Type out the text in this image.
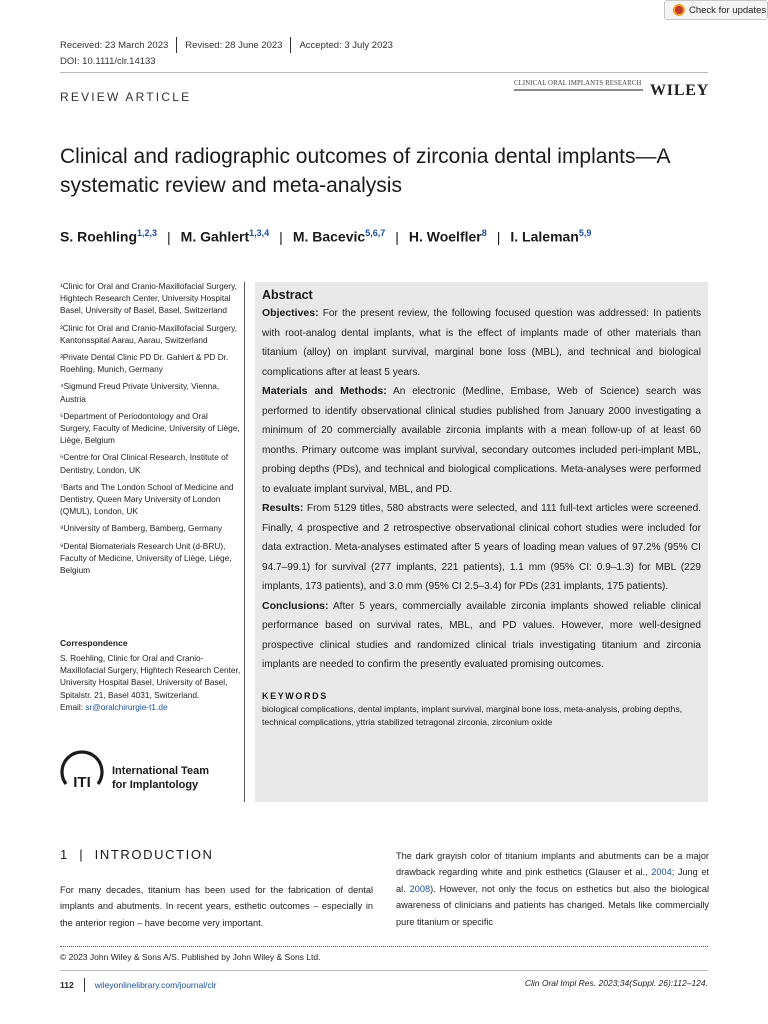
Check for updates
Received: 23 March 2023 Revised: 28 June 2023 Accepted: 3 July 2023
DOI: 10.1111/clr.14133
REVIEW ARTICLE
CLINICAL ORAL IMPLANTS RESEARCH WILEY
Clinical and radiographic outcomes of zirconia dental implants—A systematic review and meta-analysis
S. Roehling$^{1,2,3}$ | M. Gahlert$^{1,3,4}$ | M. Bacevic$^{5,6,7}$ | H. Woelfler$^8$ | I. Laleman$^{5,9}$

¹Clinic for Oral and Cranio-Maxillofacial Surgery, Hightech Research Center, University Hospital Basel, University of Basel, Basel, Switzerland

²Clinic for Oral and Cranio-Maxillofacial Surgery, Kantonsspital Aarau, Aarau, Switzerland

³Private Dental Clinic PD Dr. Gahlert & PD Dr. Roehling, Munich, Germany

⁴Sigmund Freud Private University, Vienna, Austria

⁵Department of Periodontology and Oral Surgery, Faculty of Medicine, University of Liège, Liège, Belgium

⁶Centre for Oral Clinical Research, Institute of Dentistry, London, UK

⁷Barts and The London School of Medicine and Dentistry, Queen Mary University of London (QMUL), London, UK

⁸University of Bamberg, Bamberg, Germany

⁹Dental Biomaterials Research Unit (d-BRU), Faculty of Medicine, University of Liège, Liège, Belgium

Correspondence
S. Roehling, Clinic for Oral and Cranio-Maxillofacial Surgery, Hightech Research Center, University Hospital Basel, University of Basel, Spitalstr. 21, Basel 4031, Switzerland.
Email: sr@oralchirurgie-t1.de
ITI
International Team
for Implantology
Abstract

Objectives: For the present review, the following focused question was addressed: In patients with root-analog dental implants, what is the effect of implants made of other materials than titanium (alloy) on implant survival, marginal bone loss (MBL), and technical and biological complications after at least 5 years.

Materials and Methods: An electronic (Medline, Embase, Web of Science) search was performed to identify observational clinical studies published from January 2000 investigating a minimum of 20 commercially available zirconia implants with a mean follow-up of at least 60 months. Primary outcome was implant survival, secondary outcomes included peri-implant MBL, probing depths (PDs), and technical and biological complications. Meta-analyses were performed to evaluate implant survival, MBL, and PD.

Results: From 5129 titles, 580 abstracts were selected, and 111 full-text articles were screened. Finally, 4 prospective and 2 retrospective observational clinical cohort studies were included for data extraction. Meta-analyses estimated after 5 years of loading mean values of 97.2% (95% CI 94.7–99.1) for survival (277 implants, 221 patients), 1.1 mm (95% CI: 0.9–1.3) for MBL (229 implants, 173 patients), and 3.0 mm (95% CI 2.5–3.4) for PDs (231 implants, 175 patients).

Conclusions: After 5 years, commercially available zirconia implants showed reliable clinical performance based on survival rates, MBL, and PD values. However, more well-designed prospective clinical studies and randomized clinical trials investigating titanium and zirconia implants are needed to confirm the presently evaluated promising outcomes.

KEYWORDS
biological complications, dental implants, implant survival, marginal bone loss, meta-analysis, probing depths, technical complications, yttria stabilized tetragonal zirconia, zirconium oxide
1  |  INTRODUCTION

For many decades, titanium has been used for the fabrication of dental implants and abutments. In recent years, esthetic outcomes – especially in the anterior region – have become very important.

The dark grayish color of titanium implants and abutments can be a major drawback regarding white and pink esthetics (Glauser et al., 2004; Jung et al. 2008). However, not only the focus on esthetics but also the biological awareness of clinicians and patients has changed. Metals like commercially pure titanium or specific

© 2023 John Wiley & Sons A/S. Published by John Wiley & Sons Ltd.
112 wileyonlinelibrary.com/journal/clr	Clin Oral Impl Res. 2023;34(Suppl. 26):112–124.
